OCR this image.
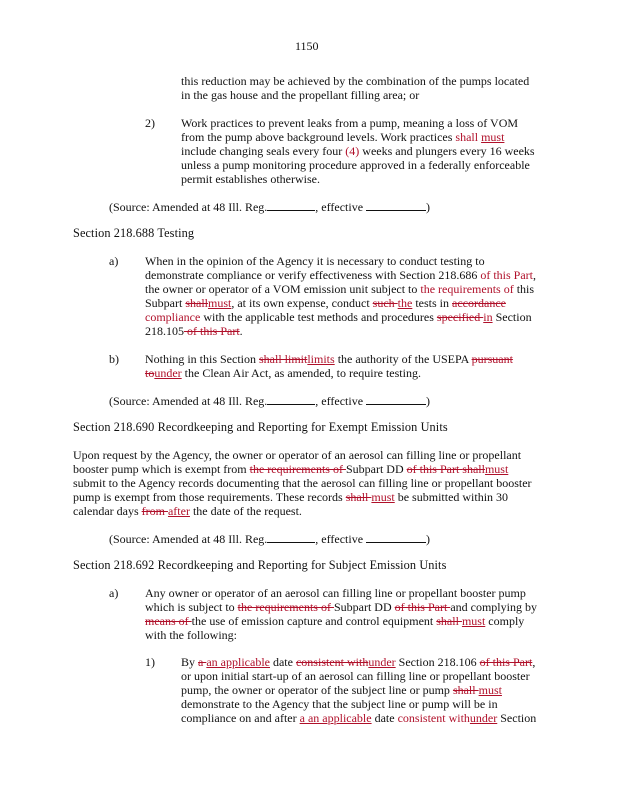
1150
this reduction may be achieved by the combination of the pumps located
in the gas house and the propellant filling area; or
2) Work practices to prevent leaks from a pump, meaning a loss of VOM
from the pump above background levels. Work practices shall must
include changing seals every four (4) weeks and plungers every 16 weeks
unless a pump monitoring procedure approved in a federally enforceable
permit establishes otherwise.
(Source: Amended at 48 Ill. Reg.	, effective	)
Section 218.688 Testing
a) When in the opinion of the Agency it is necessary to conduct testing to
demonstrate compliance or verify effectiveness with Section 218.686 of this Part,
the owner or operator of a VOM emission unit subject to the requirements of this
Subpart shallmust, at its own expense, conduct such the tests in accordance
compliance with the applicable test methods and procedures specified in Section
218.105 of this Part.
b) Nothing in this Section shall limitlimits the authority of the USEPA pursuant
tounder the Clean Air Act, as amended, to require testing.
(Source: Amended at 48 Ill. Reg.	, effective	)
Section 218.690 Recordkeeping and Reporting for Exempt Emission Units
Upon request by the Agency, the owner or operator of an aerosol can filling line or propellant
booster pump which is exempt from the requirements of Subpart DD of this Part shallmust
submit to the Agency records documenting that the aerosol can filling line or propellant booster
pump is exempt from those requirements. These records shall must be submitted within 30
calendar days from after the date of the request.
(Source: Amended at 48 Ill. Reg.	, effective	)
Section 218.692 Recordkeeping and Reporting for Subject Emission Units
a) Any owner or operator of an aerosol can filling line or propellant booster pump
which is subject to the requirements of Subpart DD of this Part and complying by
means of the use of emission capture and control equipment shall must comply
with the following:
1) By a an applicable date consistent withunder Section 218.106 of this Part,
or upon initial start-up of an aerosol can filling line or propellant booster
pump, the owner or operator of the subject line or pump shall must
demonstrate to the Agency that the subject line or pump will be in
compliance on and after a an applicable date consistent withunder Section
